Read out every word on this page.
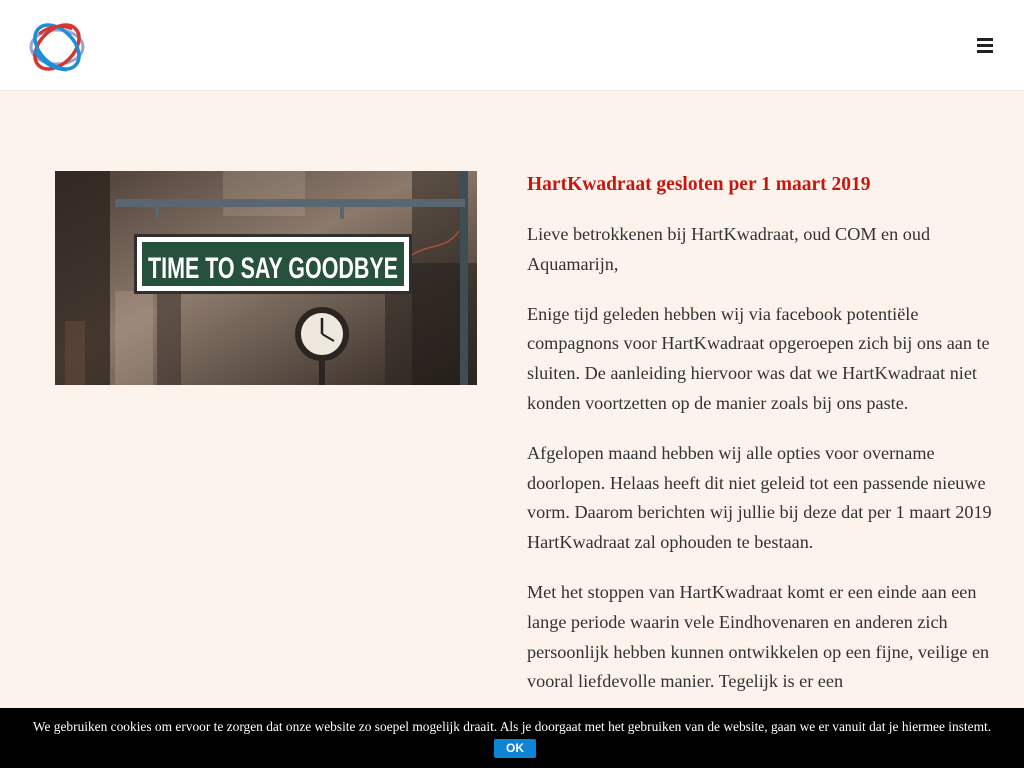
TIME TO SAY GOODBYE
HartKwadraat gesloten per 1 maart 2019

Lieve betrokkenen bij HartKwadraat, oud COM en oud Aquamarijn,

Enige tijd geleden hebben wij via facebook potentiële compagnons voor HartKwadraat opgeroepen zich bij ons aan te sluiten. De aanleiding hiervoor was dat we HartKwadraat niet konden voortzetten op de manier zoals bij ons paste.

Afgelopen maand hebben wij alle opties voor overname doorlopen. Helaas heeft dit niet geleid tot een passende nieuwe vorm. Daarom berichten wij jullie bij deze dat per 1 maart 2019 HartKwadraat zal ophouden te bestaan.

Met het stoppen van HartKwadraat komt er een einde aan een lange periode waarin vele Eindhovenaren en anderen zich persoonlijk hebben kunnen ontwikkelen op een fijne, veilige en vooral liefdevolle manier. Tegelijk is er een

We gebruiken cookies om ervoor te zorgen dat onze website zo soepel mogelijk draait. Als je doorgaat met het gebruiken van de website, gaan we er vanuit dat je hiermee instemt.
OK
